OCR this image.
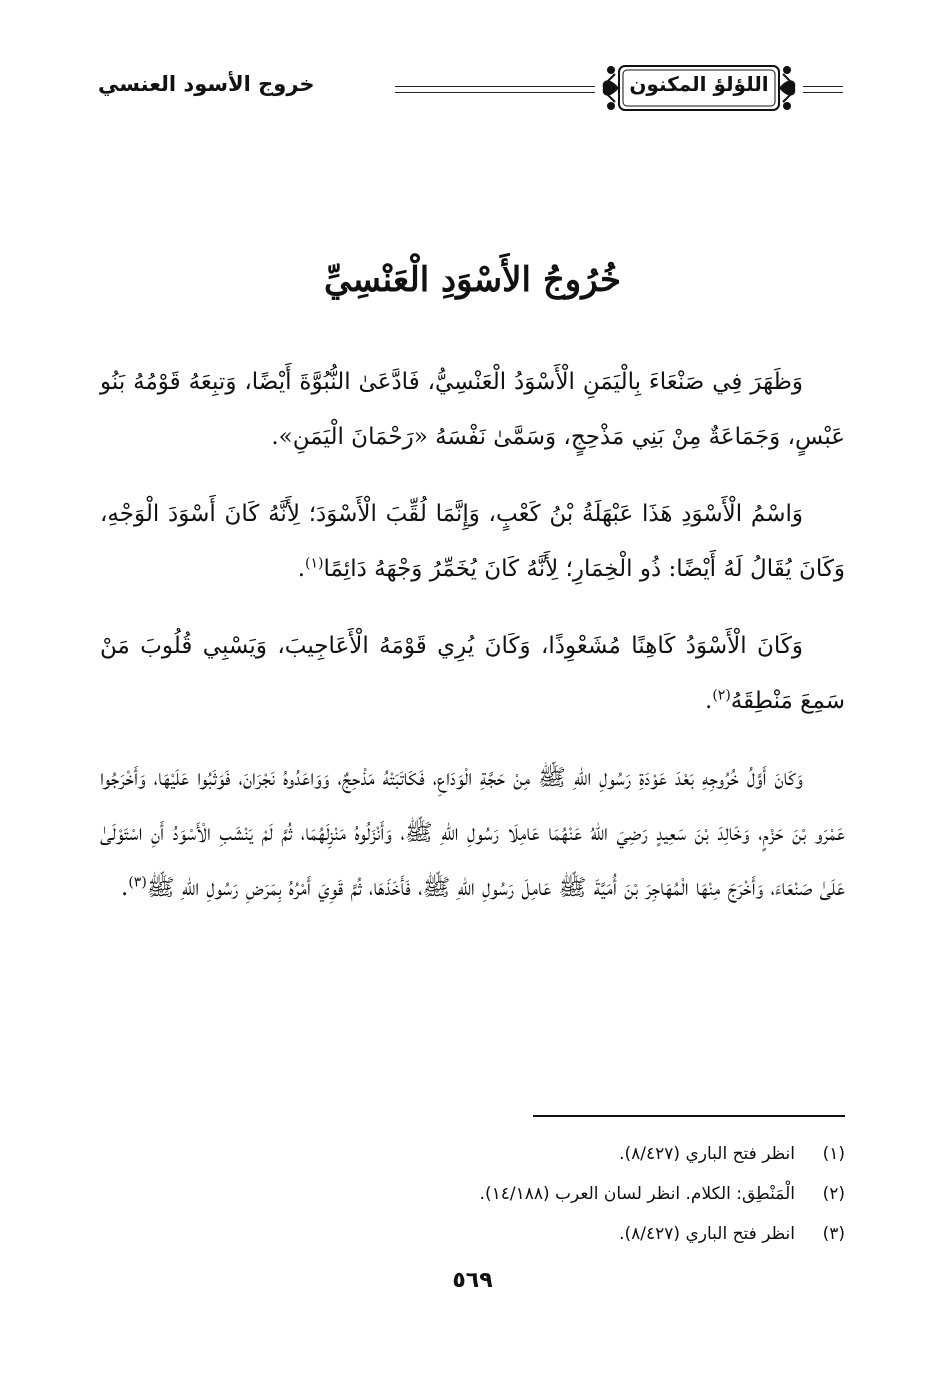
اللؤلؤ المكنون
خروج الأسود العنسي
خُرُوجُ الأَسْوَدِ الْعَنْسِيِّ

وَظَهَرَ فِي صَنْعَاءَ بِالْيَمَنِ الْأَسْوَدُ الْعَنْسِيُّ، فَادَّعَىٰ النُّبُوَّةَ أَيْضًا، وَتبِعَهُ قَوْمُهُ بَنُو عَبْسٍ، وَجَمَاعَةٌ مِنْ بَنِي مَذْحِجٍ، وَسَمَّىٰ نَفْسَهُ «رَحْمَانَ الْيَمَنِ».

وَاسْمُ الْأَسْوَدِ هَذَا عَبْهَلَةُ بْنُ كَعْبٍ، وَإِنَّمَا لُقِّبَ الْأَسْوَدَ؛ لِأَنَّهُ كَانَ أَسْوَدَ الْوَجْهِ، وَكَانَ يُقَالُ لَهُ أَيْضًا: ذُو الْخِمَارِ؛ لِأَنَّهُ كَانَ يُخَمِّرُ وَجْهَهُ دَائِمًا$^{(١)}$.

وَكَانَ الْأَسْوَدُ كَاهِنًا مُشَعْوِذًا، وَكَانَ يُرِي قَوْمَهُ الْأَعَاجِيبَ، وَيَسْبِي قُلُوبَ مَنْ سَمِعَ مَنْطِقَهُ$^{(٢)}$.

وَكَانَ أَوَّلُ خُرُوجِهِ بَعْدَ عَوْدَةِ رَسُولِ اللهِ ﷺ مِنْ حَجَّةِ الْوَدَاعِ، فَكَاتَبَتْهُ مَذْحِجٌ، وَوَاعَدُوهُ نَجْرَانَ، فَوَثَبُوا عَلَيْهَا، وَأَخْرَجُوا عَمْرَو بْنَ حَزْمٍ، وَخَالِدَ بْنَ سَعِيدٍ رَضِيَ اللهُ عَنْهُمَا عَامِلَا رَسُولِ اللهِ ﷺ، وَأَنْزَلُوهُ مَنْزِلَهُمَا، ثُمَّ لَمْ يَنْشَبِ الْأَسْوَدُ أَنِ اسْتَوْلَىٰ عَلَىٰ صَنْعَاءَ، وَأَخْرَجَ مِنْهَا الْمُهَاجِرَ بْنَ أُمَيَّةَ ﷺ عَامِلَ رَسُولِ اللهِ ﷺ، فَأَخَذَهَا، ثُمَّ قَوِيَ أَمْرُهُ بِمَرَضِ رَسُولِ اللهِ ﷺ$^{(٣)}$.

(١)انظر فتح الباري (٨/٤٢٧).
(٢)الْمَنْطِق: الكلام. انظر لسان العرب (١٤/١٨٨).
(٣)انظر فتح الباري (٨/٤٢٧).
٥٦٩
